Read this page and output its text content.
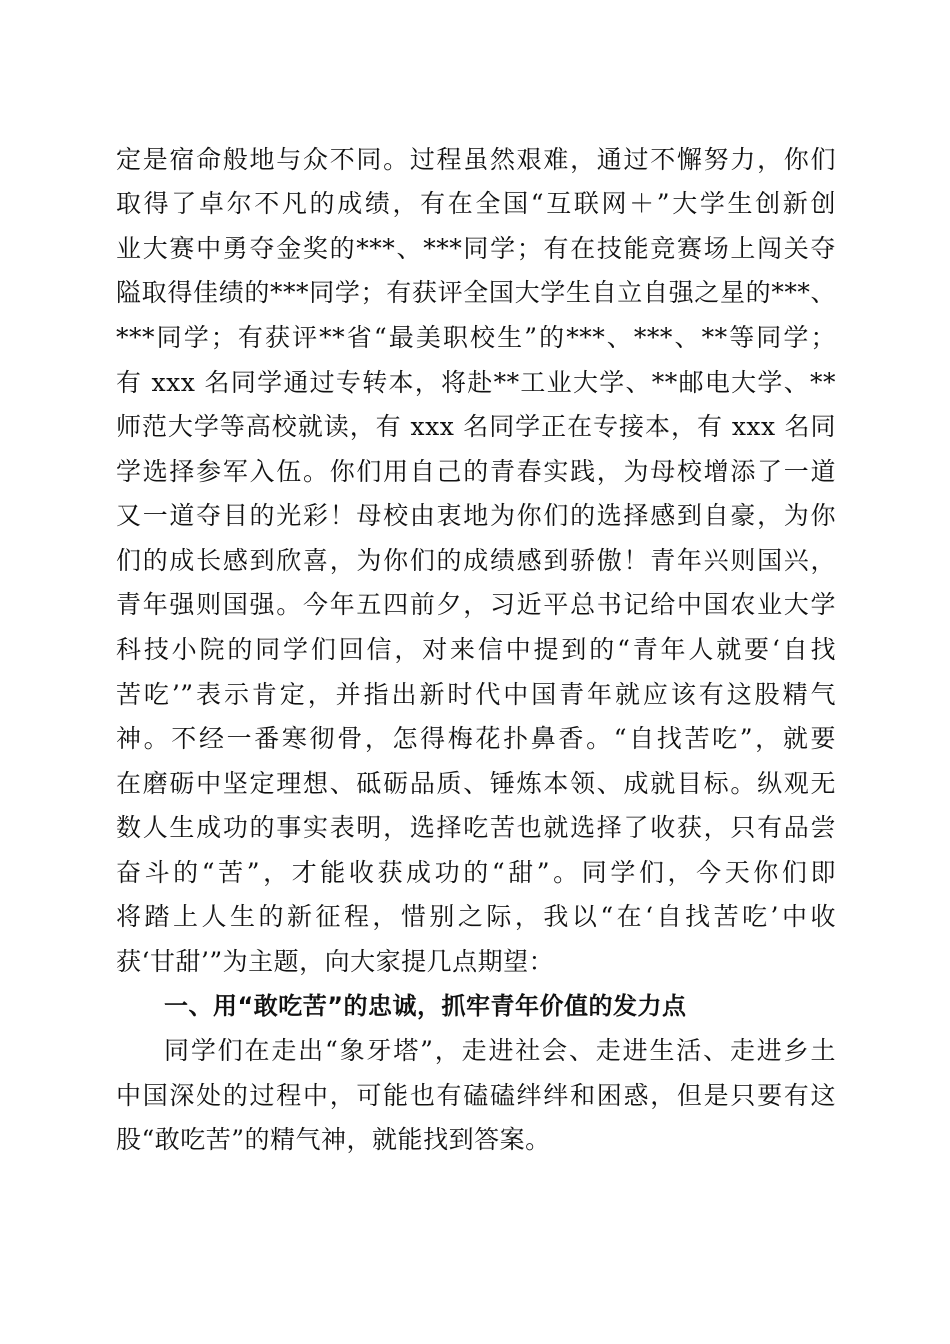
定是宿命般地与众不同。过程虽然艰难，通过不懈努力，你们
取得了卓尔不凡的成绩，有在全国“互联网＋”大学生创新创
业大赛中勇夺金奖的***、***同学；有在技能竞赛场上闯关夺
隘取得佳绩的***同学；有获评全国大学生自立自强之星的***、
***同学；有获评**省“最美职校生”的***、***、**等同学；
有 xxx 名同学通过专转本，将赴**工业大学、**邮电大学、**
师范大学等高校就读，有 xxx 名同学正在专接本，有 xxx 名同
学选择参军入伍。你们用自己的青春实践，为母校增添了一道
又一道夺目的光彩！母校由衷地为你们的选择感到自豪，为你
们的成长感到欣喜，为你们的成绩感到骄傲！青年兴则国兴，
青年强则国强。今年五四前夕，习近平总书记给中国农业大学
科技小院的同学们回信，对来信中提到的“青年人就要‘自找
苦吃’”表示肯定，并指出新时代中国青年就应该有这股精气
神。不经一番寒彻骨，怎得梅花扑鼻香。“自找苦吃”，就要
在磨砺中坚定理想、砥砺品质、锤炼本领、成就目标。纵观无
数人生成功的事实表明，选择吃苦也就选择了收获，只有品尝
奋斗的“苦”，才能收获成功的“甜”。同学们，今天你们即
将踏上人生的新征程，惜别之际，我以“在‘自找苦吃’中收
获‘甘甜’”为主题，向大家提几点期望：
一、用“敢吃苦”的忠诚，抓牢青年价值的发力点
同学们在走出“象牙塔”，走进社会、走进生活、走进乡土
中国深处的过程中，可能也有磕磕绊绊和困惑，但是只要有这
股“敢吃苦”的精气神，就能找到答案。
